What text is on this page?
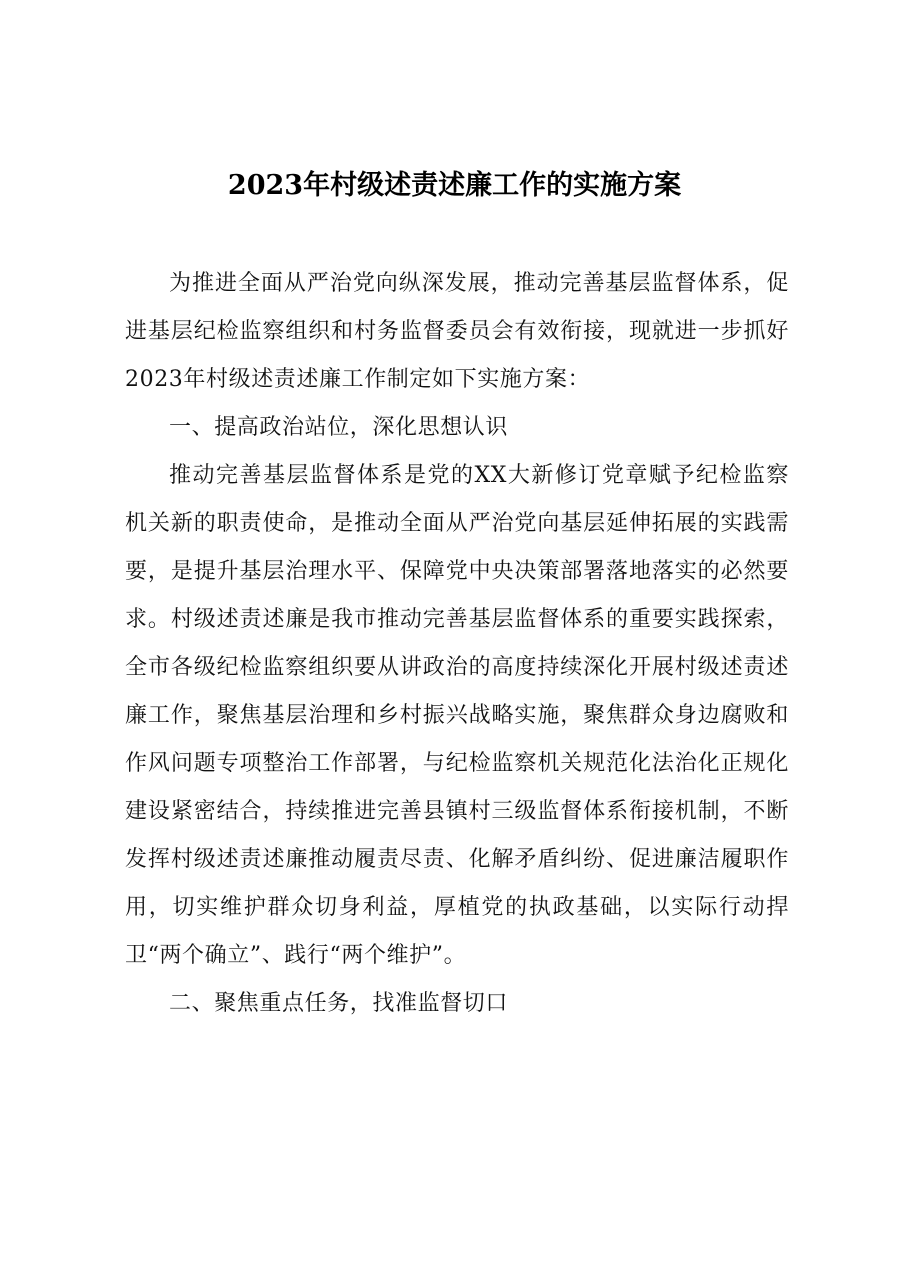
2023年村级述责述廉工作的实施方案

为推进全面从严治党向纵深发展，推动完善基层监督体系，促进基层纪检监察组织和村务监督委员会有效衔接，现就进一步抓好2023年村级述责述廉工作制定如下实施方案：

一、提高政治站位，深化思想认识

推动完善基层监督体系是党的XX大新修订党章赋予纪检监察机关新的职责使命，是推动全面从严治党向基层延伸拓展的实践需要，是提升基层治理水平、保障党中央决策部署落地落实的必然要求。村级述责述廉是我市推动完善基层监督体系的重要实践探索，全市各级纪检监察组织要从讲政治的高度持续深化开展村级述责述廉工作，聚焦基层治理和乡村振兴战略实施，聚焦群众身边腐败和作风问题专项整治工作部署，与纪检监察机关规范化法治化正规化建设紧密结合，持续推进完善县镇村三级监督体系衔接机制，不断发挥村级述责述廉推动履责尽责、化解矛盾纠纷、促进廉洁履职作用，切实维护群众切身利益，厚植党的执政基础，以实际行动捍卫“两个确立”、践行“两个维护”。

二、聚焦重点任务，找准监督切口
